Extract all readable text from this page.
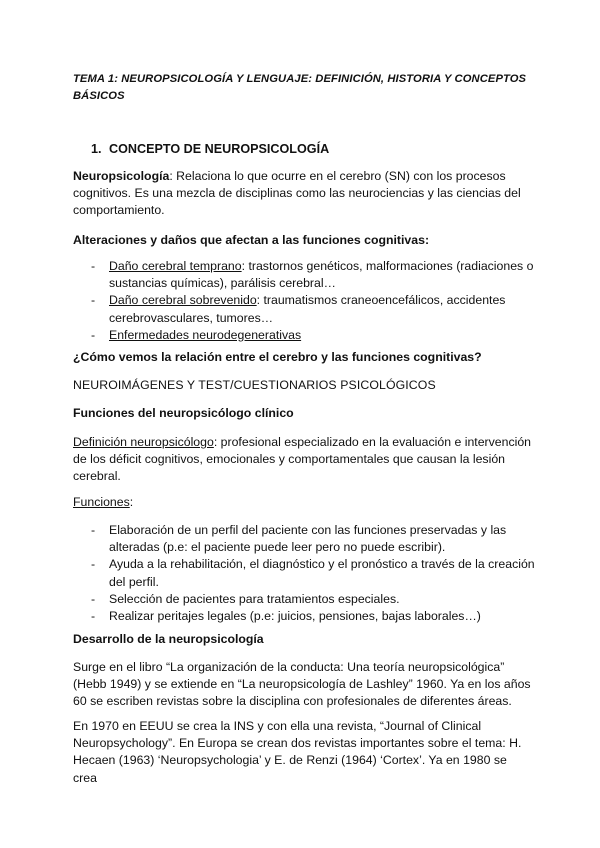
TEMA 1: NEUROPSICOLOGÍA Y LENGUAJE: DEFINICIÓN, HISTORIA Y CONCEPTOS BÁSICOS
1. CONCEPTO DE NEUROPSICOLOGÍA
Neuropsicología: Relaciona lo que ocurre en el cerebro (SN) con los procesos cognitivos. Es una mezcla de disciplinas como las neurociencias y las ciencias del comportamiento.
Alteraciones y daños que afectan a las funciones cognitivas:
- Daño cerebral temprano: trastornos genéticos, malformaciones (radiaciones o sustancias químicas), parálisis cerebral…
- Daño cerebral sobrevenido: traumatismos craneoencefálicos, accidentes cerebrovasculares, tumores…
- Enfermedades neurodegenerativas
¿Cómo vemos la relación entre el cerebro y las funciones cognitivas?
NEUROIMÁGENES Y TEST/CUESTIONARIOS PSICOLÓGICOS
Funciones del neuropsicólogo clínico
Definición neuropsicólogo: profesional especializado en la evaluación e intervención de los déficit cognitivos, emocionales y comportamentales que causan la lesión cerebral.
Funciones:
- Elaboración de un perfil del paciente con las funciones preservadas y las alteradas (p.e: el paciente puede leer pero no puede escribir).
- Ayuda a la rehabilitación, el diagnóstico y el pronóstico a través de la creación del perfil.
- Selección de pacientes para tratamientos especiales.
- Realizar peritajes legales (p.e: juicios, pensiones, bajas laborales…)
Desarrollo de la neuropsicología
Surge en el libro “La organización de la conducta: Una teoría neuropsicológica” (Hebb 1949) y se extiende en “La neuropsicología de Lashley” 1960. Ya en los años 60 se escriben revistas sobre la disciplina con profesionales de diferentes áreas.
En 1970 en EEUU se crea la INS y con ella una revista, “Journal of Clinical Neuropsychology”. En Europa se crean dos revistas importantes sobre el tema: H. Hecaen (1963) ‘Neuropsychologia’ y E. de Renzi (1964) ‘Cortex’. Ya en 1980 se crea
